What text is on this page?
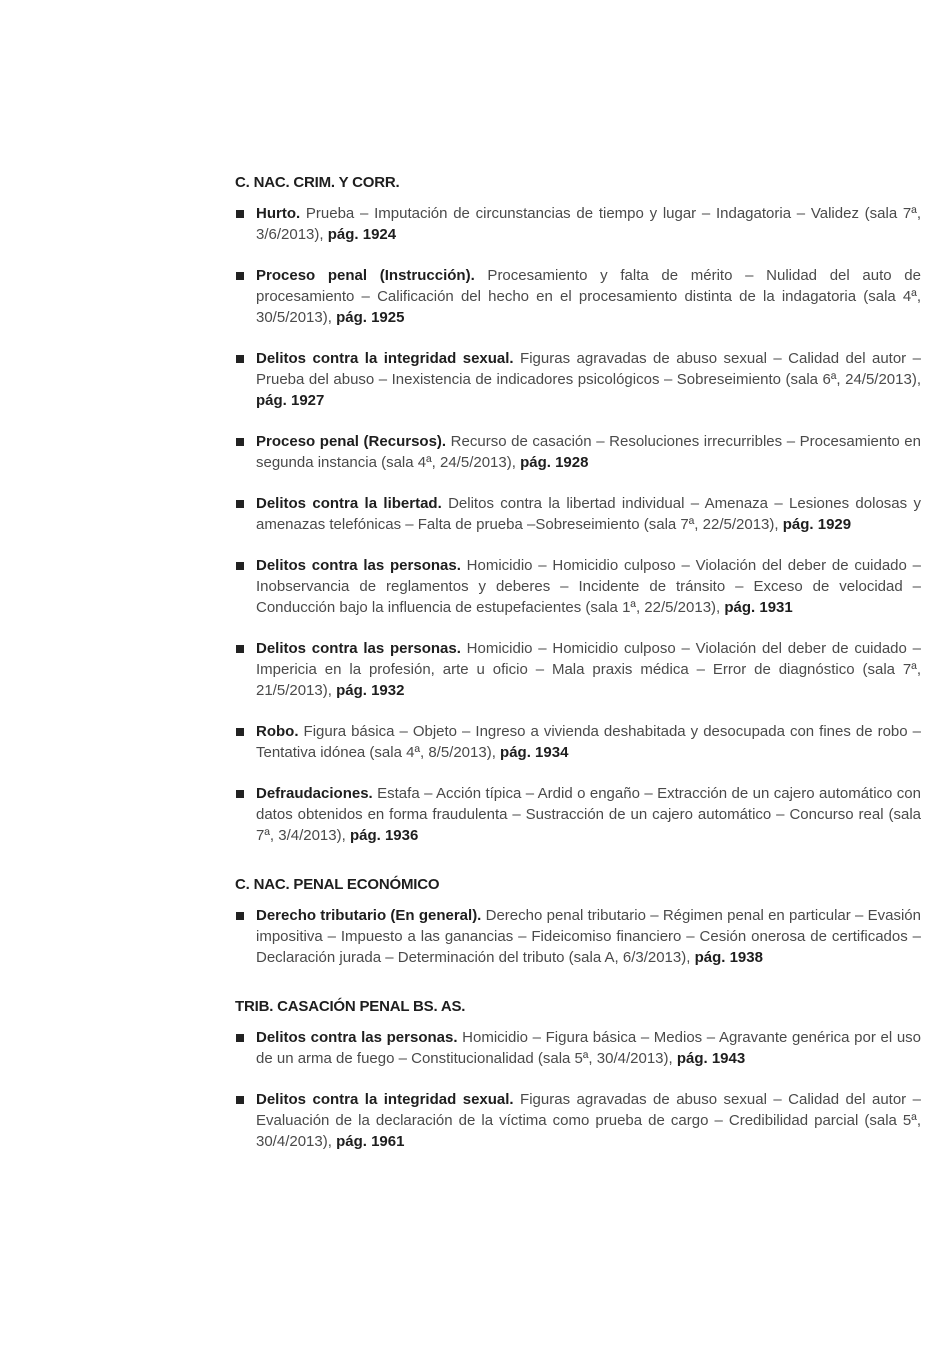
C. NAC. CRIM. Y CORR.
Hurto. Prueba – Imputación de circunstancias de tiempo y lugar – Indagatoria – Validez (sala 7ª, 3/6/2013), pág. 1924
Proceso penal (Instrucción). Procesamiento y falta de mérito – Nulidad del auto de procesamiento – Calificación del hecho en el procesamiento distinta de la indagatoria (sala 4ª, 30/5/2013), pág. 1925
Delitos contra la integridad sexual. Figuras agravadas de abuso sexual – Calidad del autor – Prueba del abuso – Inexistencia de indicadores psicológicos – Sobreseimiento (sala 6ª, 24/5/2013), pág. 1927
Proceso penal (Recursos). Recurso de casación – Resoluciones irrecurribles – Procesamiento en segunda instancia (sala 4ª, 24/5/2013), pág. 1928
Delitos contra la libertad. Delitos contra la libertad individual – Amenaza – Lesiones dolosas y amenazas telefónicas – Falta de prueba –Sobreseimiento (sala 7ª, 22/5/2013), pág. 1929
Delitos contra las personas. Homicidio – Homicidio culposo – Violación del deber de cuidado – Inobservancia de reglamentos y deberes – Incidente de tránsito – Exceso de velocidad – Conducción bajo la influencia de estupefacientes (sala 1ª, 22/5/2013), pág. 1931
Delitos contra las personas. Homicidio – Homicidio culposo – Violación del deber de cuidado – Impericia en la profesión, arte u oficio – Mala praxis médica – Error de diagnóstico (sala 7ª, 21/5/2013), pág. 1932
Robo. Figura básica – Objeto – Ingreso a vivienda deshabitada y desocupada con fines de robo – Tentativa idónea (sala 4ª, 8/5/2013), pág. 1934
Defraudaciones. Estafa – Acción típica – Ardid o engaño – Extracción de un cajero automático con datos obtenidos en forma fraudulenta – Sustracción de un cajero automático – Concurso real (sala 7ª, 3/4/2013), pág. 1936
C. NAC. PENAL ECONÓMICO
Derecho tributario (En general). Derecho penal tributario – Régimen penal en particular – Evasión impositiva – Impuesto a las ganancias – Fideicomiso financiero – Cesión onerosa de certificados – Declaración jurada – Determinación del tributo (sala A, 6/3/2013), pág. 1938
TRIB. CASACIÓN PENAL BS. AS.
Delitos contra las personas. Homicidio – Figura básica – Medios – Agravante genérica por el uso de un arma de fuego – Constitucionalidad (sala 5ª, 30/4/2013), pág. 1943
Delitos contra la integridad sexual. Figuras agravadas de abuso sexual – Calidad del autor – Evaluación de la declaración de la víctima como prueba de cargo – Credibilidad parcial (sala 5ª, 30/4/2013), pág. 1961
